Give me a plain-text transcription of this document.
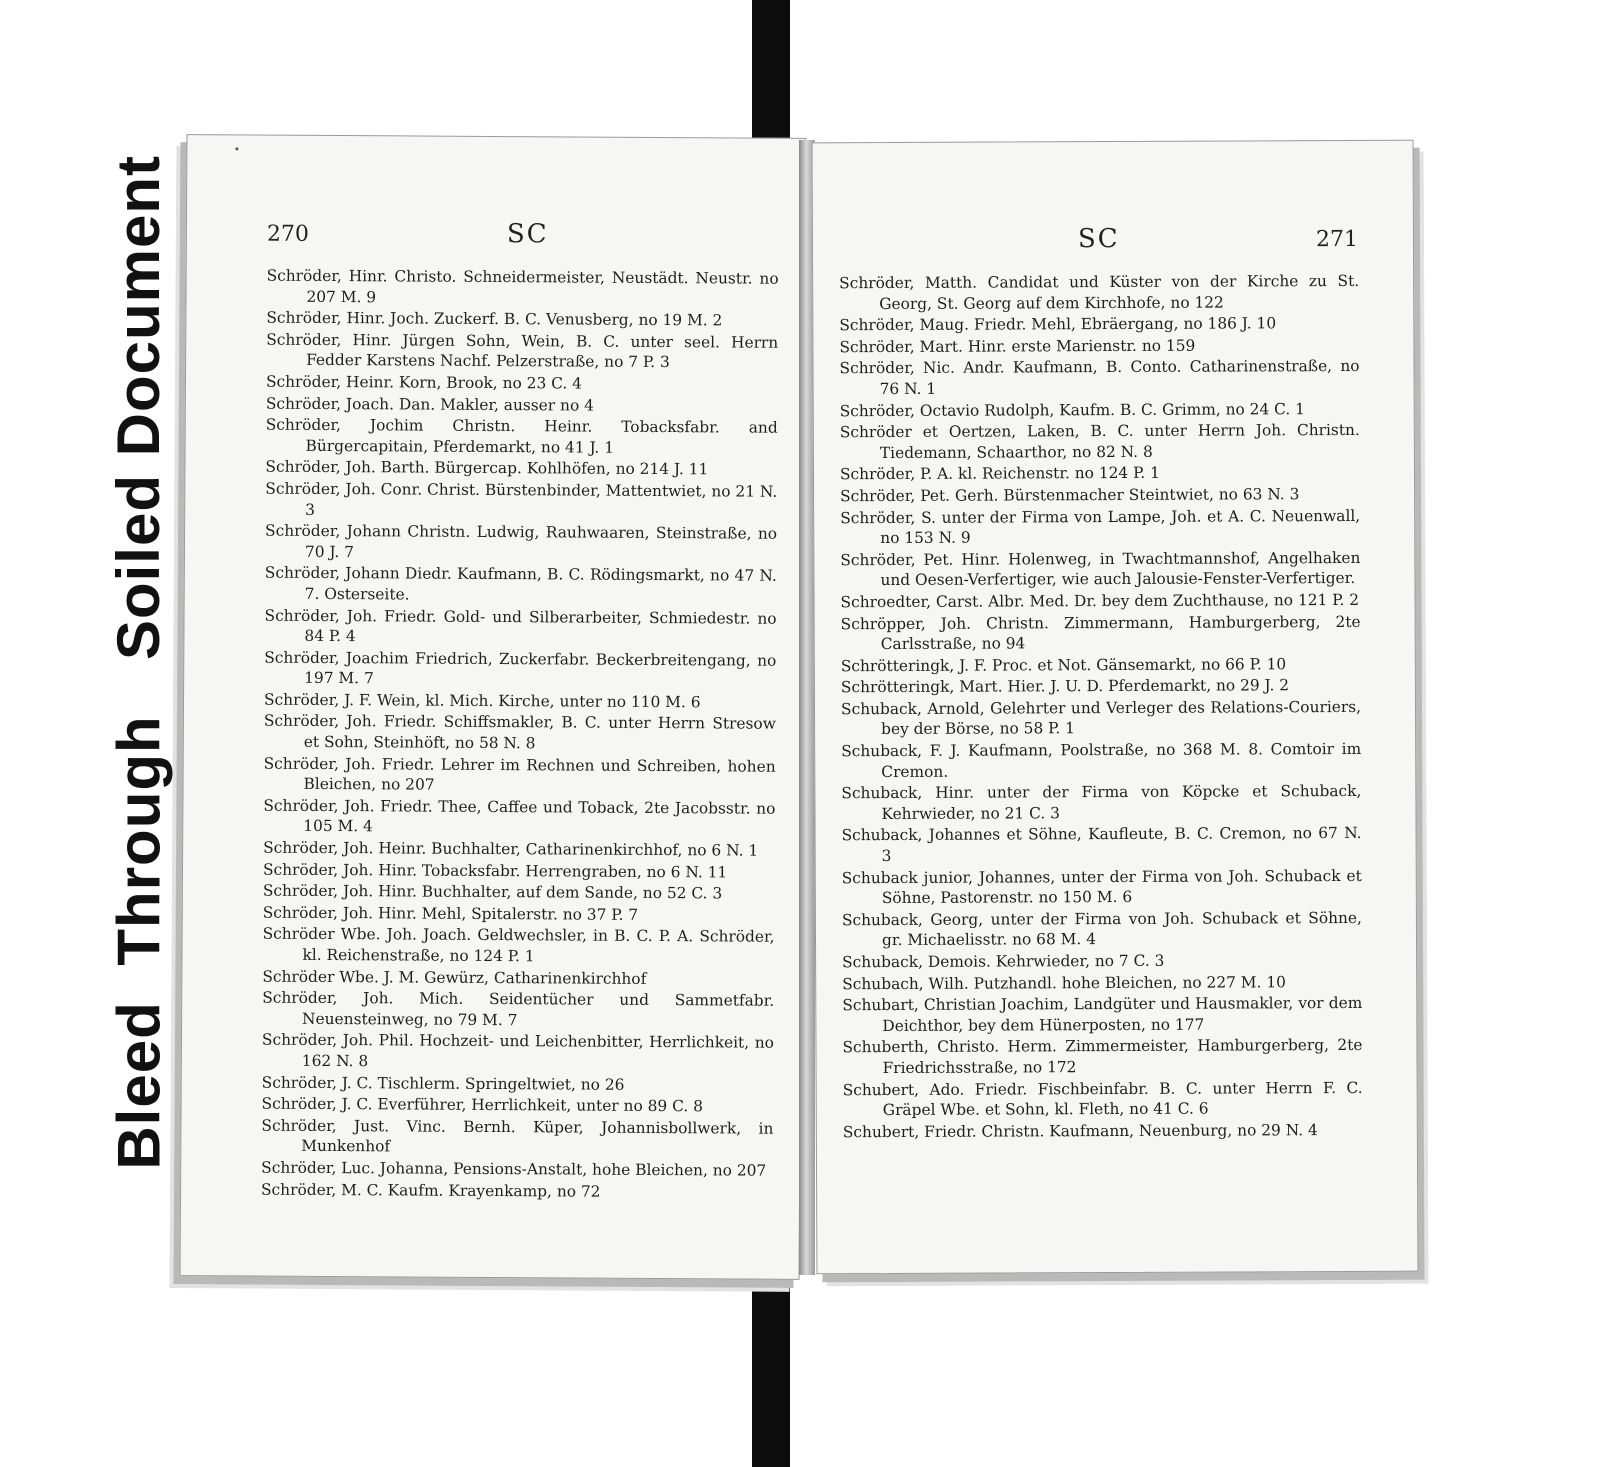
Soiled Document
Bleed Through
270	SC
Schröder, Hinr. Christo. Schneidermeister, Neustädt. Neustr. no 207 M. 9
Schröder, Hinr. Joch. Zuckerf. B. C. Venusberg, no 19 M. 2
Schröder, Hinr. Jürgen Sohn, Wein, B. C. unter seel. Herrn Fedder Karstens Nachf. Pelzerstraße, no 7 P. 3
Schröder, Heinr. Korn, Brook, no 23 C. 4
Schröder, Joach. Dan. Makler, ausser no 4
Schröder, Jochim Christn. Heinr. Tobacksfabr. and Bürgercapitain, Pferdemarkt, no 41 J. 1
Schröder, Joh. Barth. Bürgercap. Kohlhöfen, no 214 J. 11
Schröder, Joh. Conr. Christ. Bürstenbinder, Mattentwiet, no 21 N. 3
Schröder, Johann Christn. Ludwig, Rauhwaaren, Steinstraße, no 70 J. 7
Schröder, Johann Diedr. Kaufmann, B. C. Rödingsmarkt, no 47 N. 7. Osterseite.
Schröder, Joh. Friedr. Gold- und Silberarbeiter, Schmiedestr. no 84 P. 4
Schröder, Joachim Friedrich, Zuckerfabr. Beckerbreitengang, no 197 M. 7
Schröder, J. F. Wein, kl. Mich. Kirche, unter no 110 M. 6
Schröder, Joh. Friedr. Schiffsmakler, B. C. unter Herrn Stresow et Sohn, Steinhöft, no 58 N. 8
Schröder, Joh. Friedr. Lehrer im Rechnen und Schreiben, hohen Bleichen, no 207
Schröder, Joh. Friedr. Thee, Caffee und Toback, 2te Jacobsstr. no 105 M. 4
Schröder, Joh. Heinr. Buchhalter, Catharinenkirchhof, no 6 N. 1
Schröder, Joh. Hinr. Tobacksfabr. Herrengraben, no 6 N. 11
Schröder, Joh. Hinr. Buchhalter, auf dem Sande, no 52 C. 3
Schröder, Joh. Hinr. Mehl, Spitalerstr. no 37 P. 7
Schröder Wbe. Joh. Joach. Geldwechsler, in B. C. P. A. Schröder, kl. Reichenstraße, no 124 P. 1
Schröder Wbe. J. M. Gewürz, Catharinenkirchhof
Schröder, Joh. Mich. Seidentücher und Sammetfabr. Neuensteinweg, no 79 M. 7
Schröder, Joh. Phil. Hochzeit- und Leichenbitter, Herrlichkeit, no 162 N. 8
Schröder, J. C. Tischlerm. Springeltwiet, no 26
Schröder, J. C. Everführer, Herrlichkeit, unter no 89 C. 8
Schröder, Just. Vinc. Bernh. Küper, Johannisbollwerk, in Munkenhof
Schröder, Luc. Johanna, Pensions-Anstalt, hohe Bleichen, no 207
Schröder, M. C. Kaufm. Krayenkamp, no 72
271
SC
Schröder, Matth. Candidat und Küster von der Kirche zu St. Georg, St. Georg auf dem Kirchhofe, no 122
Schröder, Maug. Friedr. Mehl, Ebräergang, no 186 J. 10
Schröder, Mart. Hinr. erste Marienstr. no 159
Schröder, Nic. Andr. Kaufmann, B. Conto. Catharinenstraße, no 76 N. 1
Schröder, Octavio Rudolph, Kaufm. B. C. Grimm, no 24 C. 1
Schröder et Oertzen, Laken, B. C. unter Herrn Joh. Christn. Tiedemann, Schaarthor, no 82 N. 8
Schröder, P. A. kl. Reichenstr. no 124 P. 1
Schröder, Pet. Gerh. Bürstenmacher Steintwiet, no 63 N. 3
Schröder, S. unter der Firma von Lampe, Joh. et A. C. Neuenwall, no 153 N. 9
Schröder, Pet. Hinr. Holenweg, in Twachtmannshof, Angelhaken und Oesen-Verfertiger, wie auch Jalousie-Fenster-Verfertiger.
Schroedter, Carst. Albr. Med. Dr. bey dem Zuchthause, no 121 P. 2
Schröpper, Joh. Christn. Zimmermann, Hamburgerberg, 2te Carlsstraße, no 94
Schrötteringk, J. F. Proc. et Not. Gänsemarkt, no 66 P. 10
Schrötteringk, Mart. Hier. J. U. D. Pferdemarkt, no 29 J. 2
Schuback, Arnold, Gelehrter und Verleger des Relations-Couriers, bey der Börse, no 58 P. 1
Schuback, F. J. Kaufmann, Poolstraße, no 368 M. 8. Comtoir im Cremon.
Schuback, Hinr. unter der Firma von Köpcke et Schuback, Kehrwieder, no 21 C. 3
Schuback, Johannes et Söhne, Kaufleute, B. C. Cremon, no 67 N. 3
Schuback junior, Johannes, unter der Firma von Joh. Schuback et Söhne, Pastorenstr. no 150 M. 6
Schuback, Georg, unter der Firma von Joh. Schuback et Söhne, gr. Michaelisstr. no 68 M. 4
Schuback, Demois. Kehrwieder, no 7 C. 3
Schubach, Wilh. Putzhandl. hohe Bleichen, no 227 M. 10
Schubart, Christian Joachim, Landgüter und Hausmakler, vor dem Deichthor, bey dem Hünerposten, no 177
Schuberth, Christo. Herm. Zimmermeister, Hamburgerberg, 2te Friedrichsstraße, no 172
Schubert, Ado. Friedr. Fischbeinfabr. B. C. unter Herrn F. C. Gräpel Wbe. et Sohn, kl. Fleth, no 41 C. 6
Schubert, Friedr. Christn. Kaufmann, Neuenburg, no 29 N. 4
